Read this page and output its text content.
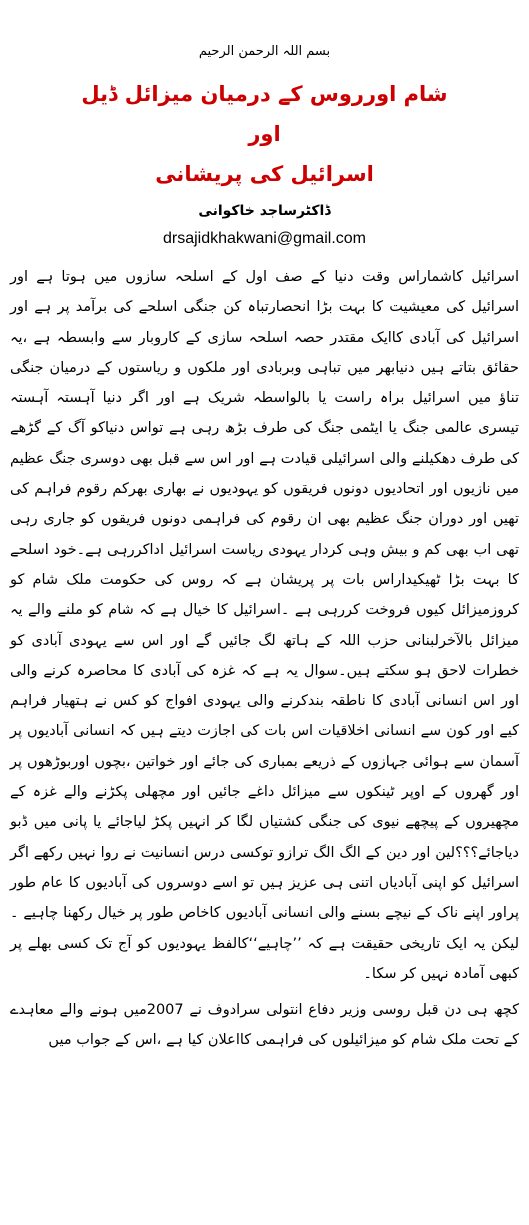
بسم اللہ الرحمن الرحیم
شام اورروس کے درمیان میزائل ڈیل
اور
اسرائیل کی پریشانی
ڈاکٹرساجد خاکوانی
drsajidkhakwani@gmail.com

اسرائیل کاشماراس وقت دنیا کے صف اول کے اسلحہ سازوں میں ہوتا ہے اور اسرائیل کی معیشیت کا بہت بڑا انحصارتباہ کن جنگی اسلحے کی برآمد پر ہے اور اسرائیل کی آبادی کاایک مقتدر حصہ اسلحہ سازی کے کاروبار سے وابسطہ ہے ،یہ حقائق بتاتے ہیں دنیابھر میں تباہی وبربادی اور ملکوں و ریاستوں کے درمیان جنگی تناؤ میں اسرائیل براہ راست یا بالواسطہ شریک ہے اور اگر دنیا آہستہ آہستہ تیسری عالمی جنگ یا ایٹمی جنگ کی طرف بڑھ رہی ہے تواس دنیاکو آگ کے گڑھے کی طرف دھکیلنے والی اسرائیلی قیادت ہے اور اس سے قبل بھی دوسری جنگ عظیم میں نازیوں اور اتحادیوں دونوں فریقوں کو یہودیوں نے بھاری بھرکم رقوم فراہم کی تھیں اور دوران جنگ عظیم بھی ان رقوم کی فراہمی دونوں فریقوں کو جاری رہی تھی اب بھی کم و بیش وہی کردار یہودی ریاست اسرائیل اداکررہی ہے۔خود اسلحے کا بہت بڑا ٹھیکیداراس بات پر پریشان ہے کہ روس کی حکومت ملک شام کو کروزمیزائل کیوں فروخت کررہی ہے ۔اسرائیل کا خیال ہے کہ شام کو ملنے والے یہ میزائل بالآخرلبنانی حزب اللہ کے ہاتھ لگ جائیں گے اور اس سے یہودی آبادی کو خطرات لاحق ہو سکتے ہیں۔سوال یہ ہے کہ غزہ کی آبادی کا محاصرہ کرنے والی اور اس انسانی آبادی کا ناطقہ بندکرنے والی یہودی افواج کو کس نے ہتھیار فراہم کیے اور کون سے انسانی اخلاقیات اس بات کی اجازت دیتے ہیں کہ انسانی آبادیوں پر آسمان سے ہوائی جہازوں کے ذریعے بمباری کی جائے اور خواتین ،بچوں اوربوڑھوں پر اور گھروں کے اوپر ٹینکوں سے میزائل داغے جائیں اور مچھلی پکڑنے والے غزہ کے مچھیروں کے پیچھے نیوی کی جنگی کشتیاں لگا کر انہیں پکڑ لیاجائے یا پانی میں ڈبو دیاجائے؟؟؟لین اور دین کے الگ الگ ترازو توکسی درس انسانیت نے روا نہیں رکھے اگر اسرائیل کو اپنی آبادیاں اتنی ہی عزیز ہیں تو اسے دوسروں کی آبادیوں کا عام طور پراور اپنے ناک کے نیچے بسنے والی انسانی آبادیوں کاخاص طور پر خیال رکھنا چاہیے ۔لیکن یہ ایک تاریخی حقیقت ہے کہ ’’چاہیے‘‘کالفظ یہودیوں کو آج تک کسی بھلے پر کبھی آمادہ نہیں کر سکا۔

کچھ ہی دن قبل روسی وزیر دفاع انتولی سرادوف نے 2007میں ہونے والے معاہدے کے تحت ملک شام کو میزائیلوں کی فراہمی کااعلان کیا ہے ،اس کے جواب میں
